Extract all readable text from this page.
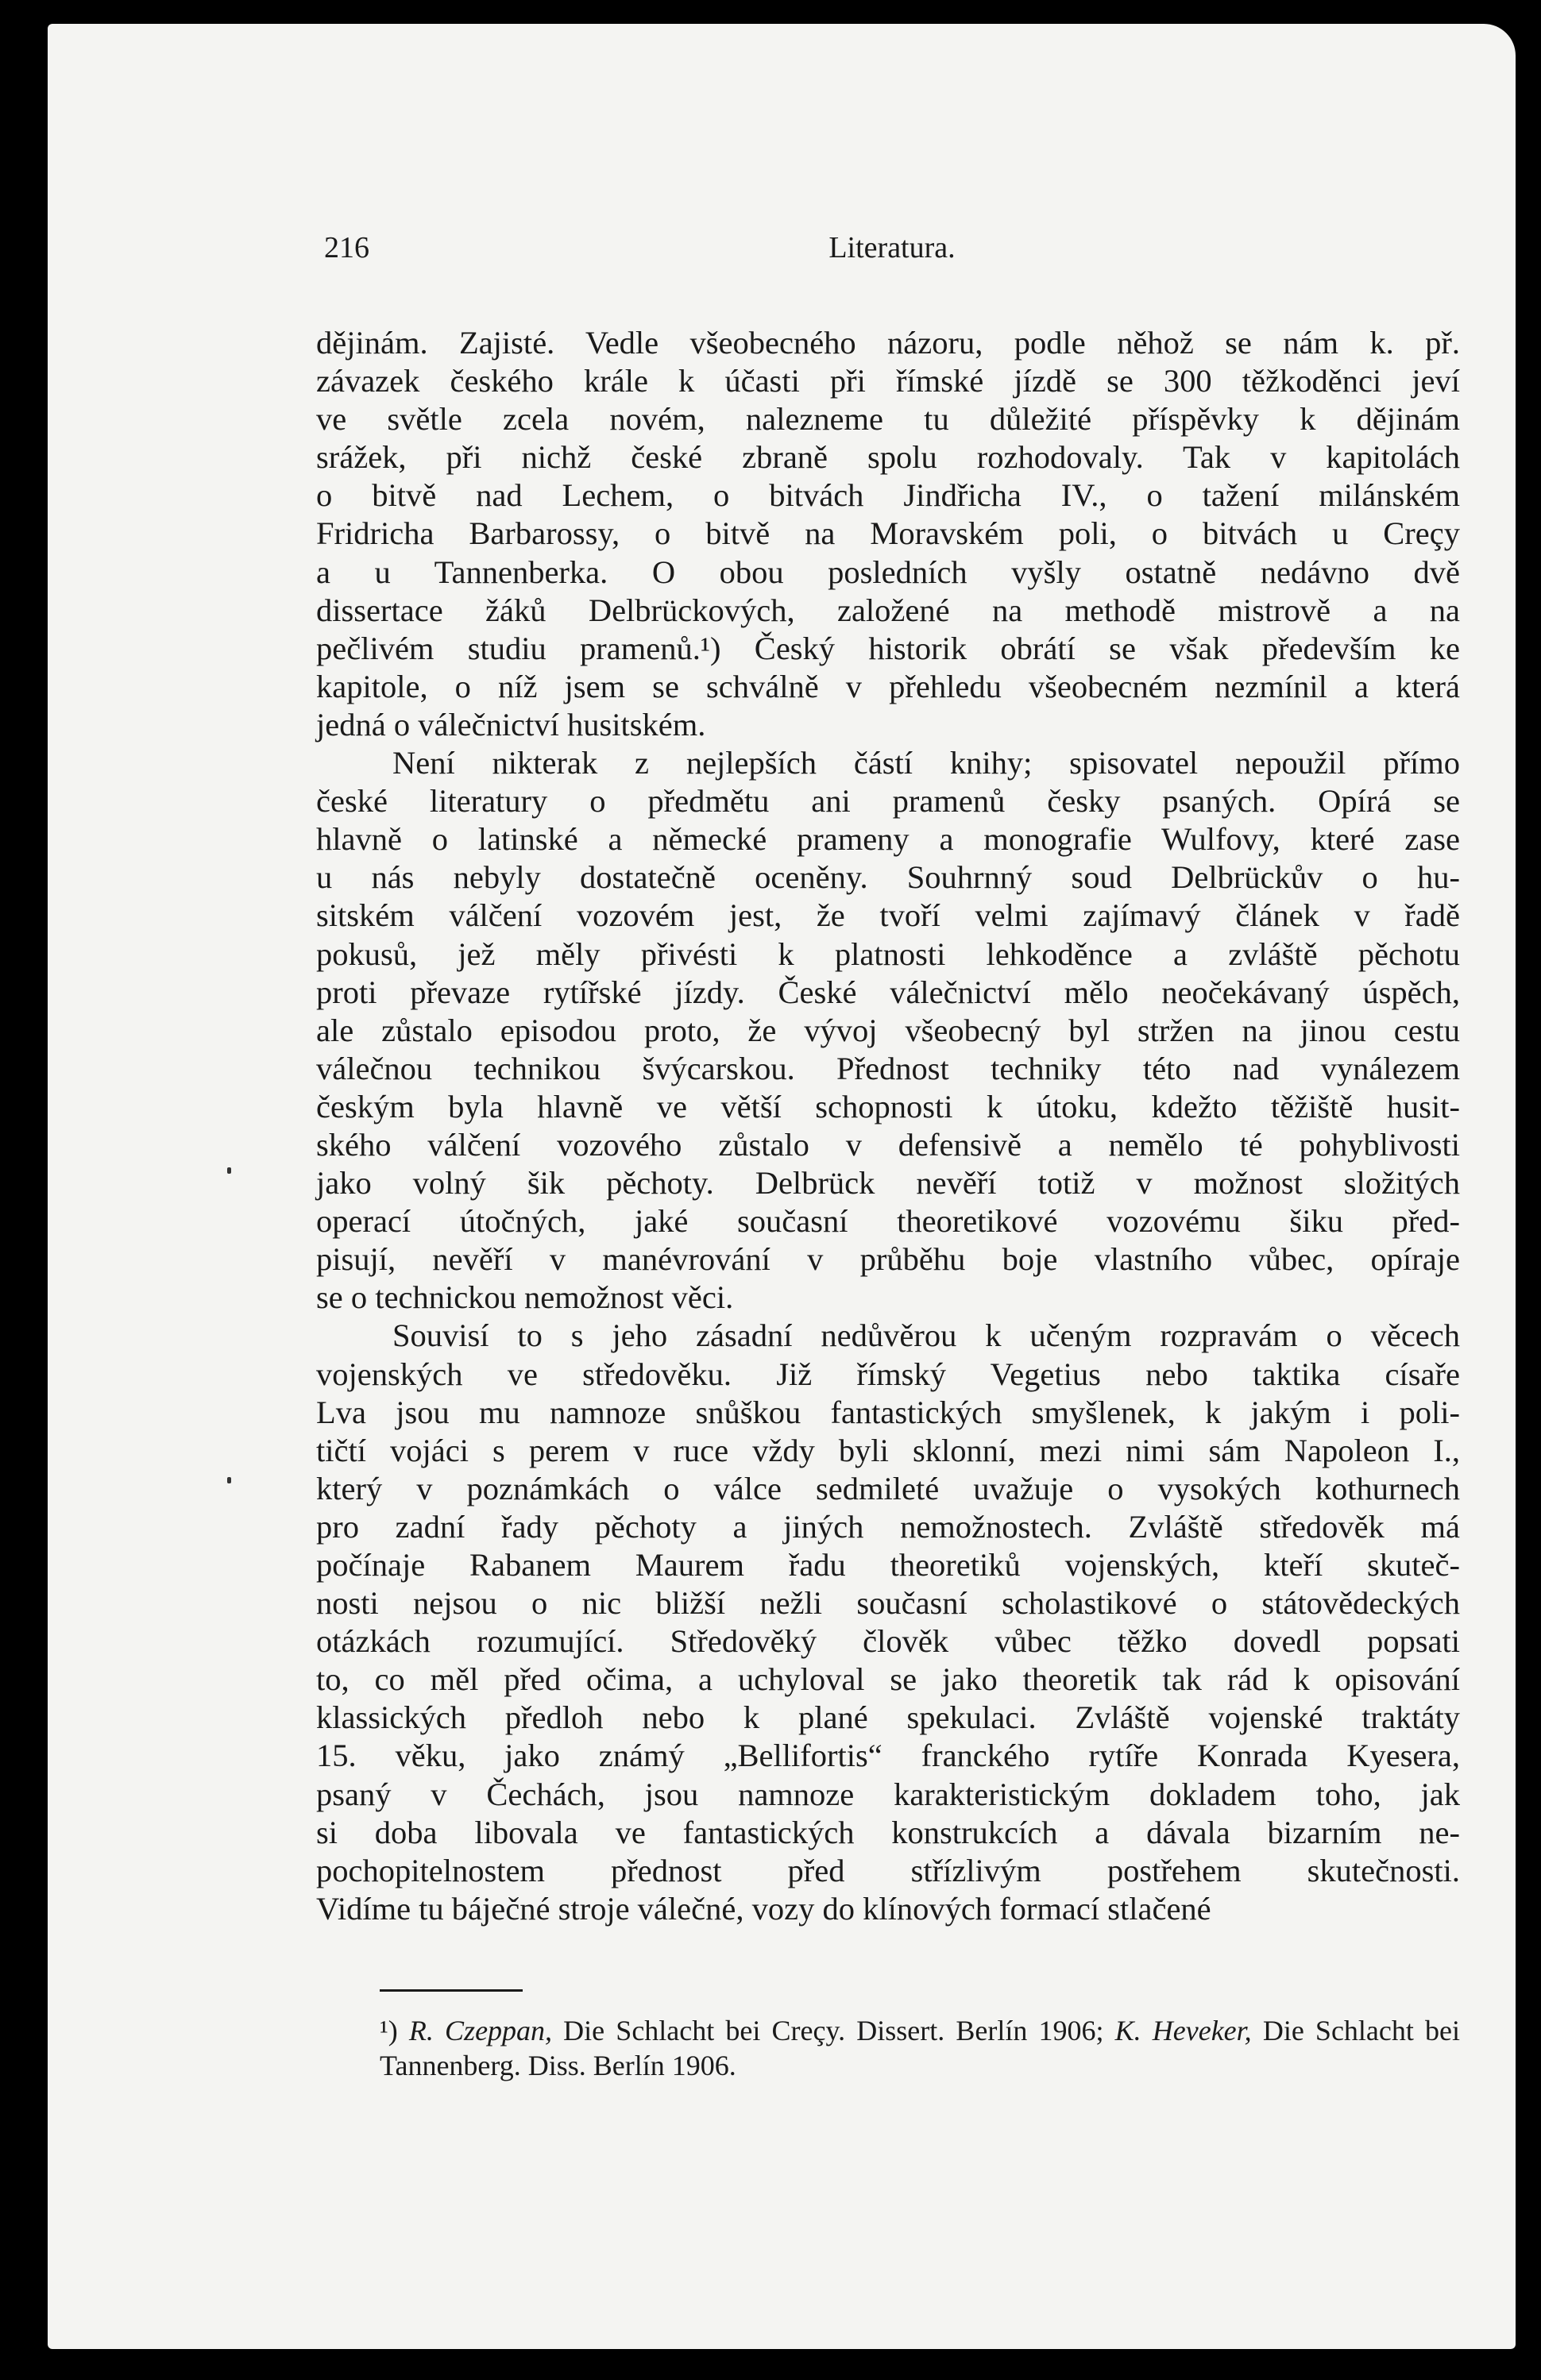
216	Literatura.
dějinám. Zajisté. Vedle všeobecného názoru, podle něhož se nám k. př.
závazek českého krále k účasti při římské jízdě se 300 těžkoděnci jeví
ve světle zcela novém, nalezneme tu důležité příspěvky k dějinám
srážek, při nichž české zbraně spolu rozhodovaly. Tak v kapitolách
o bitvě nad Lechem, o bitvách Jindřicha IV., o tažení milánském
Fridricha Barbarossy, o bitvě na Moravském poli, o bitvách u Creçy
a u Tannenberka. O obou posledních vyšly ostatně nedávno dvě
dissertace žáků Delbrückových, založené na methodě mistrově a na
pečlivém studiu pramenů.¹) Český historik obrátí se však především ke
kapitole, o níž jsem se schválně v přehledu všeobecném nezmínil a která
jedná o válečnictví husitském.
Není nikterak z nejlepších částí knihy; spisovatel nepoužil přímo
české literatury o předmětu ani pramenů česky psaných. Opírá se
hlavně o latinské a německé prameny a monografie Wulfovy, které zase
u nás nebyly dostatečně oceněny. Souhrnný soud Delbrückův o hu-
sitském válčení vozovém jest, že tvoří velmi zajímavý článek v řadě
pokusů, jež měly přivésti k platnosti lehkoděnce a zvláště pěchotu
proti převaze rytířské jízdy. České válečnictví mělo neočekávaný úspěch,
ale zůstalo episodou proto, že vývoj všeobecný byl stržen na jinou cestu
válečnou technikou švýcarskou. Přednost techniky této nad vynálezem
českým byla hlavně ve větší schopnosti k útoku, kdežto těžiště husit-
ského válčení vozového zůstalo v defensivě a nemělo té pohyblivosti
jako volný šik pěchoty. Delbrück nevěří totiž v možnost složitých
operací útočných, jaké současní theoretikové vozovému šiku před-
pisují, nevěří v manévrování v průběhu boje vlastního vůbec, opíraje
se o technickou nemožnost věci.
Souvisí to s jeho zásadní nedůvěrou k učeným rozpravám o věcech
vojenských ve středověku. Již římský Vegetius nebo taktika císaře
Lva jsou mu namnoze snůškou fantastických smyšlenek, k jakým i poli-
tičtí vojáci s perem v ruce vždy byli sklonní, mezi nimi sám Napoleon I.,
který v poznámkách o válce sedmileté uvažuje o vysokých kothurnech
pro zadní řady pěchoty a jiných nemožnostech. Zvláště středověk má
počínaje Rabanem Maurem řadu theoretiků vojenských, kteří skuteč-
nosti nejsou o nic bližší nežli současní scholastikové o státovědeckých
otázkách rozumující. Středověký člověk vůbec těžko dovedl popsati
to, co měl před očima, a uchyloval se jako theoretik tak rád k opisování
klassických předloh nebo k plané spekulaci. Zvláště vojenské traktáty
15. věku, jako známý „Bellifortis“ franckého rytíře Konrada Kyesera,
psaný v Čechách, jsou namnoze karakteristickým dokladem toho, jak
si doba libovala ve fantastických konstrukcích a dávala bizarním ne-
pochopitelnostem přednost před střízlivým postřehem skutečnosti.
Vidíme tu báječné stroje válečné, vozy do klínových formací stlačené
¹) R. Czeppan, Die Schlacht bei Creçy. Dissert. Berlín 1906; K. Heveker, Die Schlacht bei Tannenberg. Diss. Berlín 1906.
